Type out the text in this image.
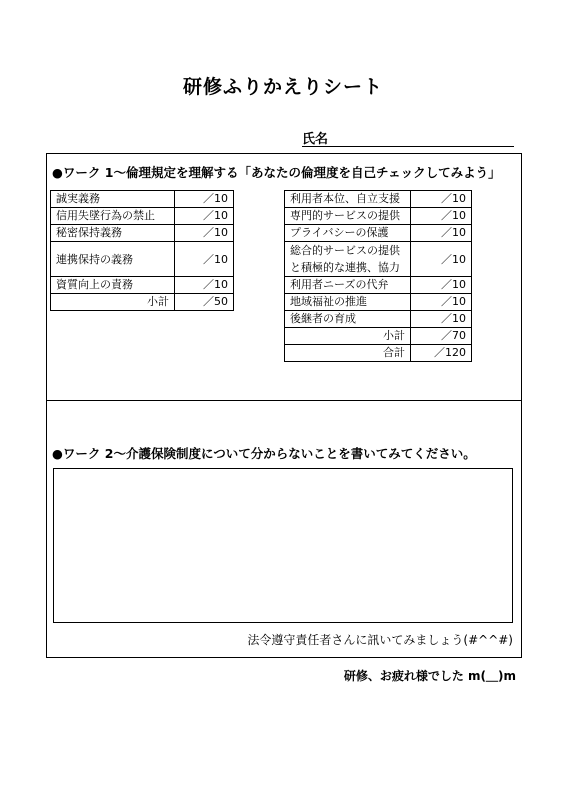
研修ふりかえりシート
氏名
●ワーク 1～倫理規定を理解する「あなたの倫理度を自己チェックしてみよう」
誠実義務	／10
信用失墜行為の禁止	／10
秘密保持義務	／10
連携保持の義務	／10
資質向上の責務	／10
小計	／50
利用者本位、自立支援	／10
専門的サービスの提供	／10
プライバシーの保護	／10
総合的サービスの提供と積極的な連携、協力	／10
利用者ニーズの代弁	／10
地域福祉の推進	／10
後継者の育成	／10
小計	／70
合計	／120
●ワーク 2～介護保険制度について分からないことを書いてみてください。
法令遵守責任者さんに訊いてみましょう(#^^#)
研修、お疲れ様でした m(＿)m
